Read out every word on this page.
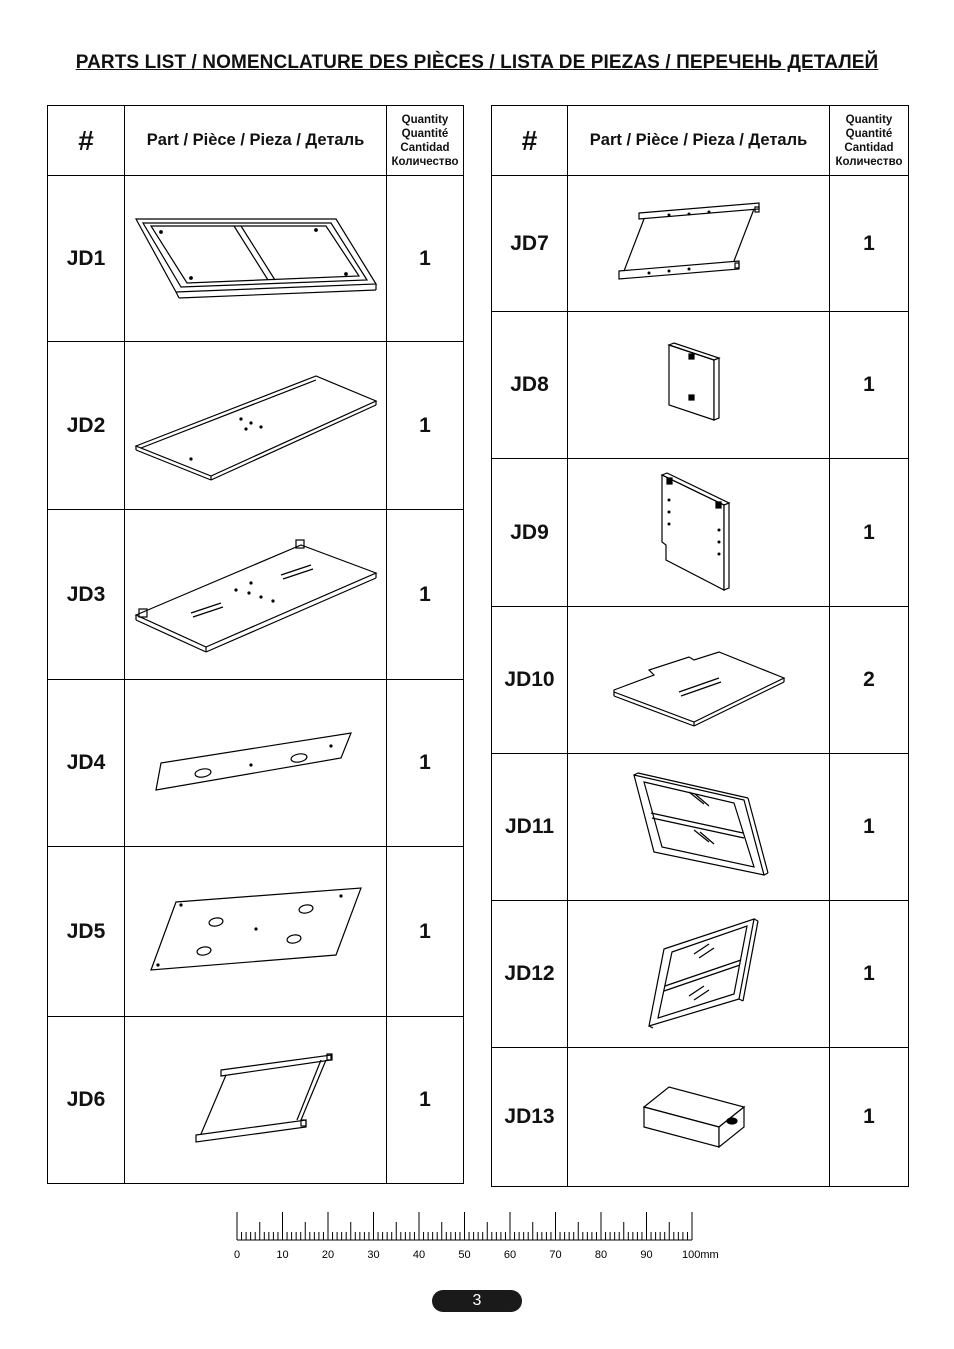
PARTS LIST / NOMENCLATURE DES PIÈCES / LISTA DE PIEZAS / ПЕРЕЧЕНЬ ДЕТАЛЕЙ
#	Part / Pièce / Pieza / Деталь	Quantity
Quantité
Cantidad
Количество

JD1		1
JD2		1
JD3		1
JD4		1
JD5		1
JD6		1
#	Part / Pièce / Pieza / Деталь	Quantity
Quantité
Cantidad
Количество

JD7		1
JD8		1
JD9		1
JD10		2
JD11		1
JD12		1
JD13		1
0	10	20	30	40	50	60	70	80	90	100mm
3
